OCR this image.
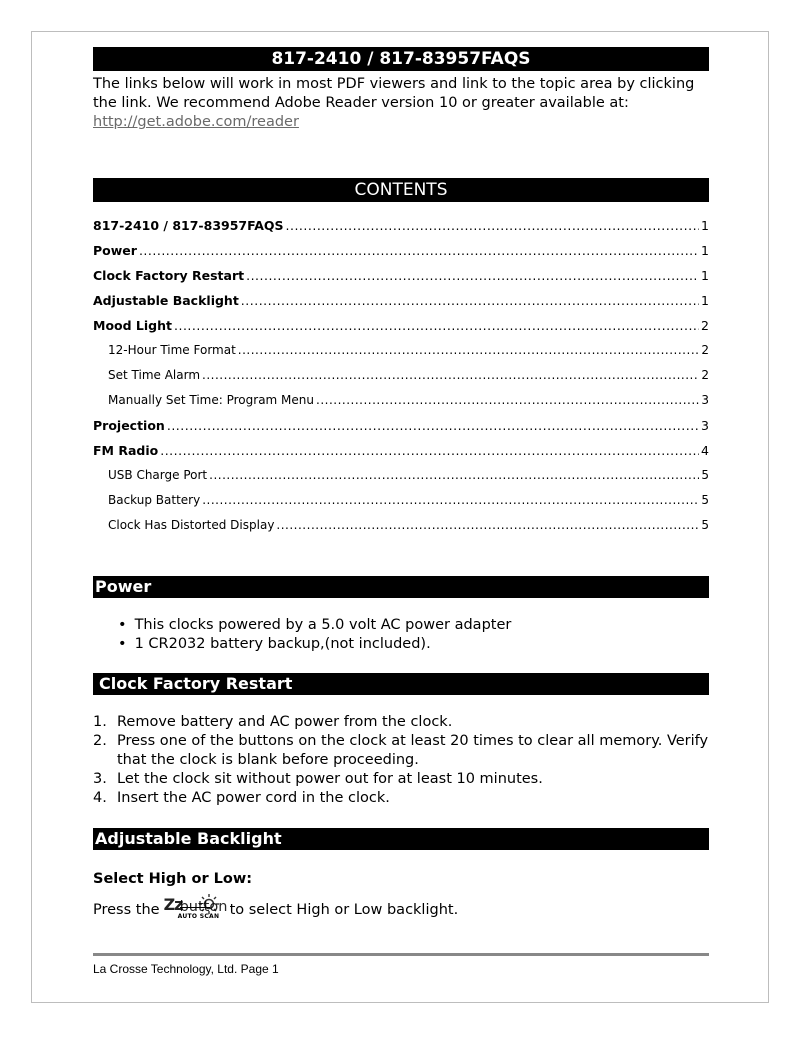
817-2410 / 817-83957FAQS
The links below will work in most PDF viewers and link to the topic area by clicking the link. We recommend Adobe Reader version 10 or greater available at:
http://get.adobe.com/reader
CONTENTS
817-2410 / 817-83957FAQS .....	1
Power .....	1
Clock Factory Restart .....	1
Adjustable Backlight .....	1
Mood Light .....	2
12-Hour Time Format .....	2
Set Time Alarm .....	2
Manually Set Time: Program Menu .....	3
Projection .....	3
FM Radio .....	4
USB Charge Port .....	5
Backup Battery .....	5
Clock Has Distorted Display .....	5
Power
• This clocks powered by a 5.0 volt AC power adapter
• 1 CR2032 battery backup,(not included).
Clock Factory Restart
1. Remove battery and AC power from the clock.
2. Press one of the buttons on the clock at least 20 times to clear all memory. Verify that the clock is blank before proceeding.
3. Let the clock sit without power out for at least 10 minutes.
4. Insert the AC power cord in the clock.
Adjustable Backlight
Select High or Low:
Press the Zz
button
AUTO SCAN to select High or Low backlight.
La Crosse Technology, Ltd. Page 1
